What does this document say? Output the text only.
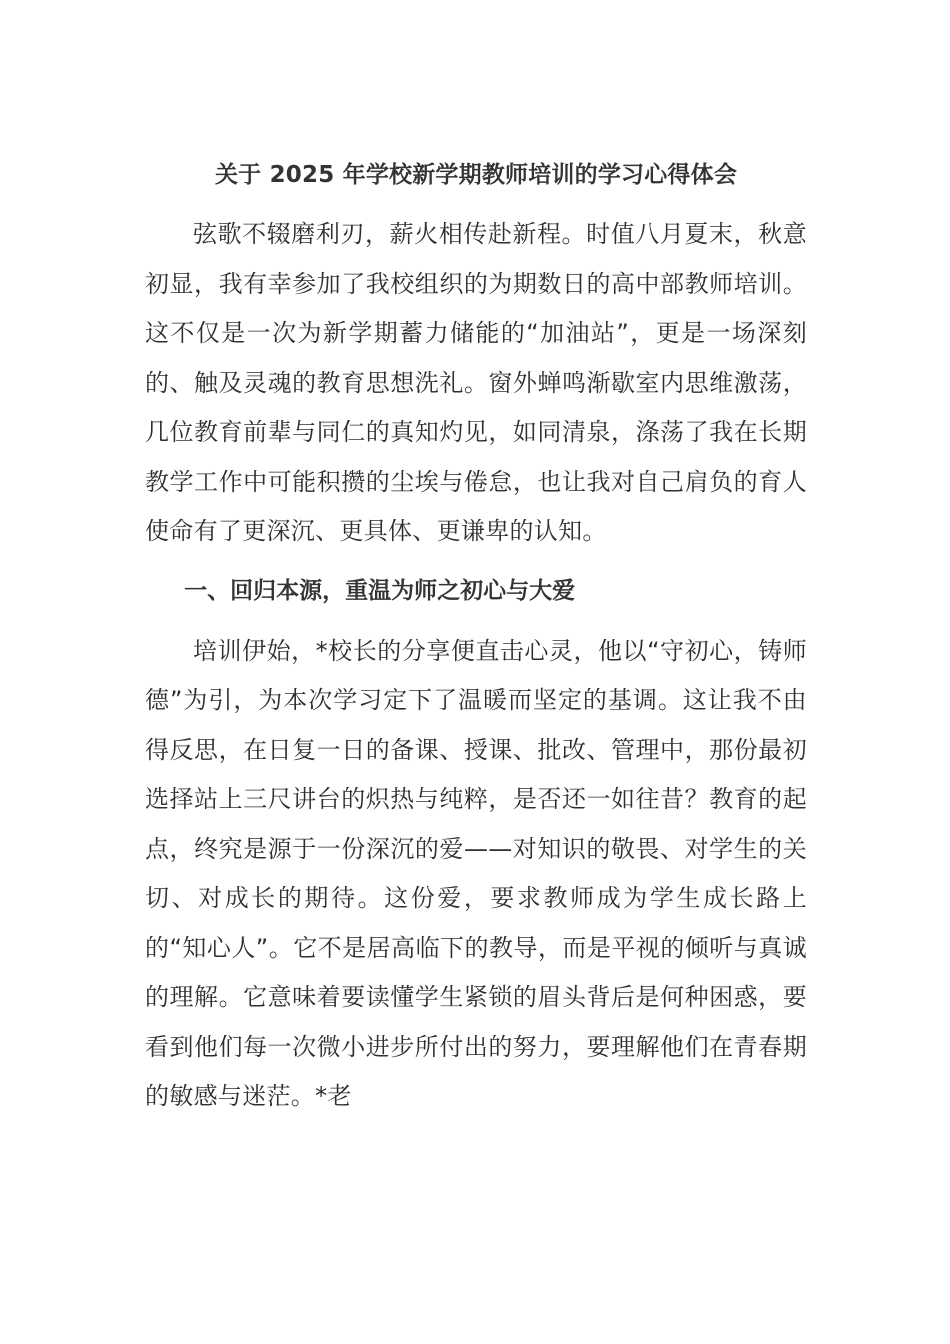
关于 2025 年学校新学期教师培训的学习心得体会

弦歌不辍磨利刃，薪火相传赴新程。时值八月夏末，秋意初显，我有幸参加了我校组织的为期数日的高中部教师培训。这不仅是一次为新学期蓄力储能的“加油站”，更是一场深刻的、触及灵魂的教育思想洗礼。窗外蝉鸣渐歇室内思维激荡，几位教育前辈与同仁的真知灼见，如同清泉，涤荡了我在长期教学工作中可能积攒的尘埃与倦怠，也让我对自己肩负的育人使命有了更深沉、更具体、更谦卑的认知。

一、回归本源，重温为师之初心与大爱

培训伊始，*校长的分享便直击心灵，他以“守初心，铸师德”为引，为本次学习定下了温暖而坚定的基调。这让我不由得反思，在日复一日的备课、授课、批改、管理中，那份最初选择站上三尺讲台的炽热与纯粹，是否还一如往昔？教育的起点，终究是源于一份深沉的爱——对知识的敬畏、对学生的关切、对成长的期待。这份爱，要求教师成为学生成长路上的“知心人”。它不是居高临下的教导，而是平视的倾听与真诚的理解。它意味着要读懂学生紧锁的眉头背后是何种困惑，要看到他们每一次微小进步所付出的努力，要理解他们在青春期的敏感与迷茫。*老
